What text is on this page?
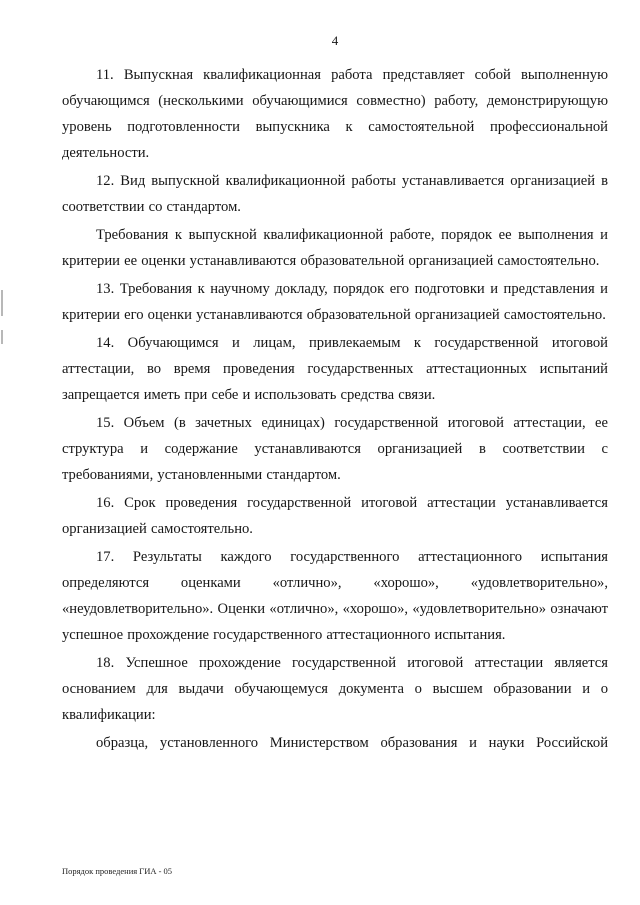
4

11. Выпускная квалификационная работа представляет собой выполненную обучающимся (несколькими обучающимися совместно) работу, демонстрирующую уровень подготовленности выпускника к самостоятельной профессиональной деятельности.

12. Вид выпускной квалификационной работы устанавливается организацией в соответствии со стандартом.

Требования к выпускной квалификационной работе, порядок ее выполнения и критерии ее оценки устанавливаются образовательной организацией самостоятельно.

13. Требования к научному докладу, порядок его подготовки и представления и критерии его оценки устанавливаются образовательной организацией самостоятельно.

14. Обучающимся и лицам, привлекаемым к государственной итоговой аттестации, во время проведения государственных аттестационных испытаний запрещается иметь при себе и использовать средства связи.

15. Объем (в зачетных единицах) государственной итоговой аттестации, ее структура и содержание устанавливаются организацией в соответствии с требованиями, установленными стандартом.

16. Срок проведения государственной итоговой аттестации устанавливается организацией самостоятельно.

17. Результаты каждого государственного аттестационного испытания определяются оценками «отлично», «хорошо», «удовлетворительно», «неудовлетворительно». Оценки «отлично», «хорошо», «удовлетворительно» означают успешное прохождение государственного аттестационного испытания.

18. Успешное прохождение государственной итоговой аттестации является основанием для выдачи обучающемуся документа о высшем образовании и о квалификации:

образца, установленного Министерством образования и науки Российской

Порядок проведения ГИА - 05
